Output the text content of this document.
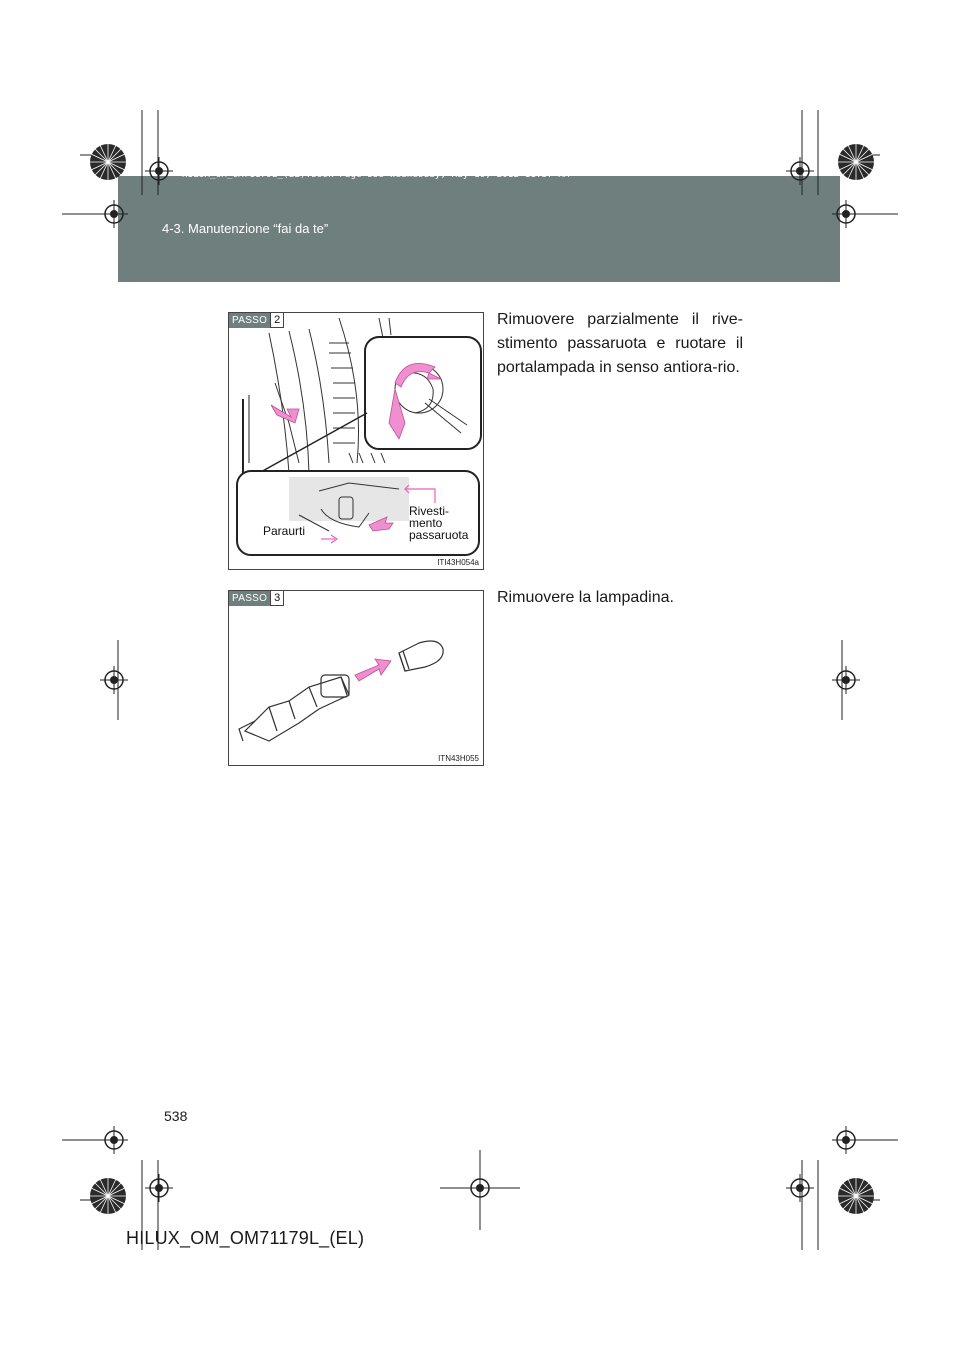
HILUX_OM_OM71179L_(EL).book Page 538 Wednesday, May 16, 2012 11:37 AM
4-3. Manutenzione “fai da te”
PASSO 2
Paraurti
Rivesti-
mento
passaruota
ITI43H054a
Rimuovere parzialmente il rive-stimento passaruota e ruotare il portalampada in senso antiora-rio.
PASSO 3
ITN43H055
Rimuovere la lampadina.
538
HILUX_OM_OM71179L_(EL)
